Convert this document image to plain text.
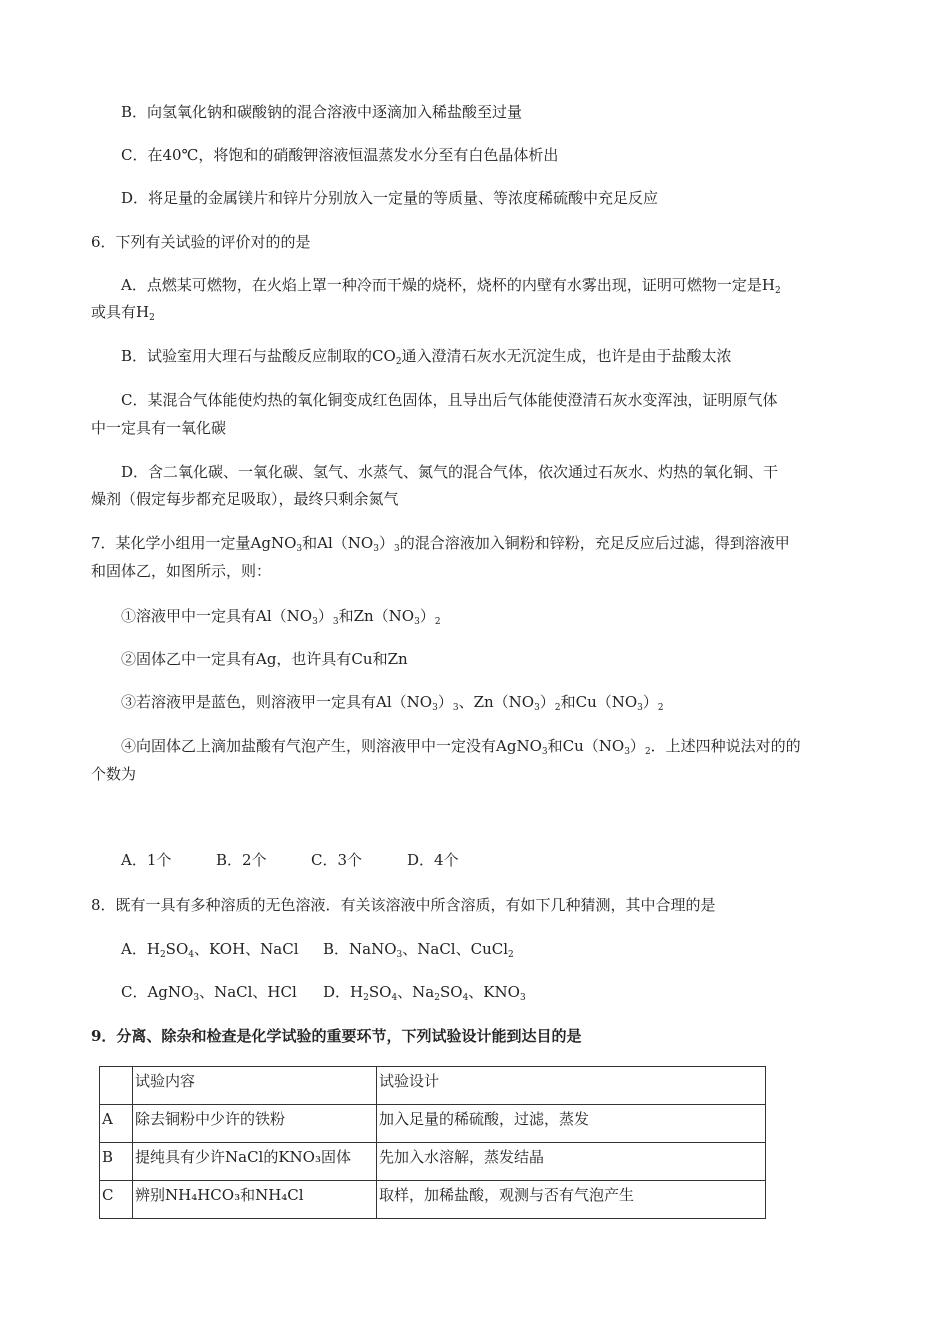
B．向氢氧化钠和碳酸钠的混合溶液中逐滴加入稀盐酸至过量
C．在40℃，将饱和的硝酸钾溶液恒温蒸发水分至有白色晶体析出
D．将足量的金属镁片和锌片分别放入一定量的等质量、等浓度稀硫酸中充足反应
6．下列有关试验的评价对的的是
A．点燃某可燃物，在火焰上罩一种冷而干燥的烧杯，烧杯的内壁有水雾出现，证明可燃物一定是$H_2$
或具有$H_2$
B．试验室用大理石与盐酸反应制取的$CO_2$通入澄清石灰水无沉淀生成，也许是由于盐酸太浓
C．某混合气体能使灼热的氧化铜变成红色固体，且导出后气体能使澄清石灰水变浑浊，证明原气体
中一定具有一氧化碳
D．含二氧化碳、一氧化碳、氢气、水蒸气、氮气的混合气体，依次通过石灰水、灼热的氧化铜、干
燥剂（假定每步都充足吸取），最终只剩余氮气
7．某化学小组用一定量AgNO$_3$和$Al(NO_3)_3$的混合溶液加入铜粉和锌粉，充足反应后过滤，得到溶液甲
和固体乙，如图所示，则：
①溶液甲中一定具有$Al(NO_3)_3$和$Zn(NO_3)_2$
②固体乙中一定具有Ag，也许具有Cu和Zn
③若溶液甲是蓝色，则溶液甲一定具有$Al(NO_3)_3$、$Zn(NO_3)_2$和$Cu(NO_3)_2$
④向固体乙上滴加盐酸有气泡产生，则溶液甲中一定没有AgNO$_3$和$Cu(NO_3)_2$．上述四种说法对的的
个数为
A．1个	B．2个	C．3个	D．4个
8．既有一具有多种溶质的无色溶液．有关该溶液中所含溶质，有如下几种猜测，其中合理的是
A．$H_2SO_4$、KOH、NaCl B．NaNO$_3$、NaCl、CuCl$_2$
C．AgNO$_3$、NaCl、HCl D．$H_2SO_4$、$Na_2SO_4$、$KNO_3$
9．分离、除杂和检查是化学试验的重要环节，下列试验设计能到达目的是
	试验内容	试验设计
A	除去铜粉中少许的铁粉	加入足量的稀硫酸，过滤，蒸发
B	提纯具有少许NaCl的KNO₃固体	先加入水溶解，蒸发结晶
C	辨别NH₄HCO₃和NH₄Cl	取样，加稀盐酸，观测与否有气泡产生
